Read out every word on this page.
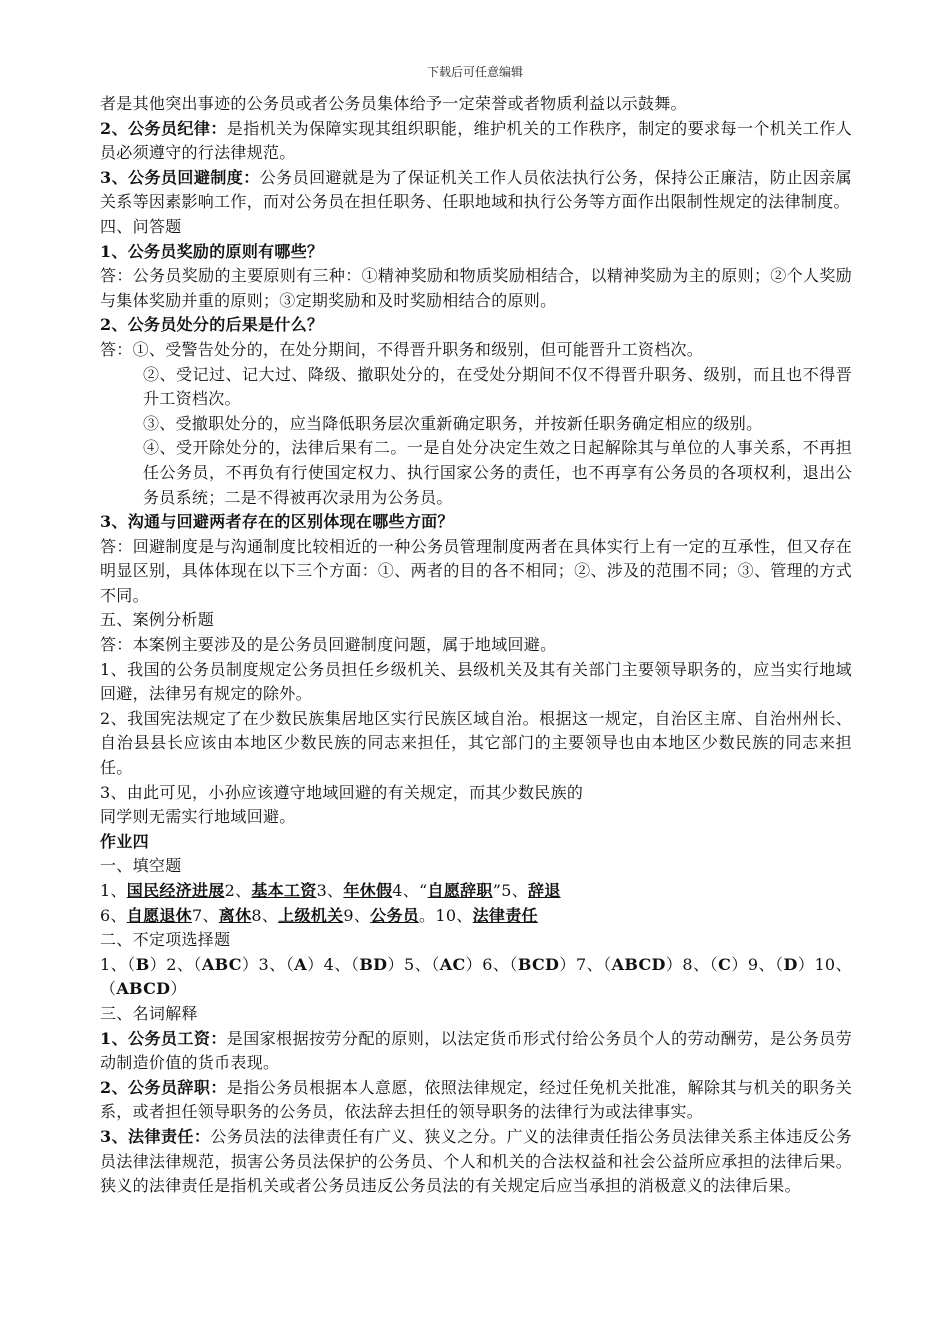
下载后可任意编辑

者是其他突出事迹的公务员或者公务员集体给予一定荣誉或者物质利益以示鼓舞。

2、公务员纪律：是指机关为保障实现其组织职能，维护机关的工作秩序，制定的要求每一个机关工作人员必须遵守的行法律规范。

3、公务员回避制度：公务员回避就是为了保证机关工作人员依法执行公务，保持公正廉洁，防止因亲属关系等因素影响工作，而对公务员在担任职务、任职地域和执行公务等方面作出限制性规定的法律制度。

四、问答题

1、公务员奖励的原则有哪些？

答：公务员奖励的主要原则有三种：①精神奖励和物质奖励相结合，以精神奖励为主的原则；②个人奖励与集体奖励并重的原则；③定期奖励和及时奖励相结合的原则。

2、公务员处分的后果是什么？

答：①、受警告处分的，在处分期间，不得晋升职务和级别，但可能晋升工资档次。

②、受记过、记大过、降级、撤职处分的，在受处分期间不仅不得晋升职务、级别，而且也不得晋升工资档次。

③、受撤职处分的，应当降低职务层次重新确定职务，并按新任职务确定相应的级别。

④、受开除处分的，法律后果有二。一是自处分决定生效之日起解除其与单位的人事关系，不再担任公务员，不再负有行使国定权力、执行国家公务的责任，也不再享有公务员的各项权利，退出公务员系统；二是不得被再次录用为公务员。

3、沟通与回避两者存在的区别体现在哪些方面？

答：回避制度是与沟通制度比较相近的一种公务员管理制度两者在具体实行上有一定的互承性，但又存在明显区别，具体体现在以下三个方面：①、两者的目的各不相同；②、涉及的范围不同；③、管理的方式不同。

五、案例分析题

答：本案例主要涉及的是公务员回避制度问题，属于地域回避。

1、我国的公务员制度规定公务员担任乡级机关、县级机关及其有关部门主要领导职务的，应当实行地域回避，法律另有规定的除外。

2、我国宪法规定了在少数民族集居地区实行民族区域自治。根据这一规定，自治区主席、自治州州长、自治县县长应该由本地区少数民族的同志来担任，其它部门的主要领导也由本地区少数民族的同志来担任。

3、由此可见，小孙应该遵守地域回避的有关规定，而其少数民族的

同学则无需实行地域回避。

作业四

一、填空题

1、国民经济进展2、基本工资3、年休假4、“自愿辞职”5、辞退

6、自愿退休7、离休8、上级机关9、公务员。10、法律责任

二、不定项选择题

1、（B）2、（ABC）3、（A）4、（BD）5、（AC）6、（BCD）7、（ABCD）8、（C）9、（D）10、（ABCD）

三、名词解释

1、公务员工资：是国家根据按劳分配的原则，以法定货币形式付给公务员个人的劳动酬劳，是公务员劳动制造价值的货币表现。

2、公务员辞职：是指公务员根据本人意愿，依照法律规定，经过任免机关批准，解除其与机关的职务关系，或者担任领导职务的公务员，依法辞去担任的领导职务的法律行为或法律事实。

3、法律责任：公务员法的法律责任有广义、狭义之分。广义的法律责任指公务员法律关系主体违反公务员法律法律规范，损害公务员法保护的公务员、个人和机关的合法权益和社会公益所应承担的法律后果。狭义的法律责任是指机关或者公务员违反公务员法的有关规定后应当承担的消极意义的法律后果。
